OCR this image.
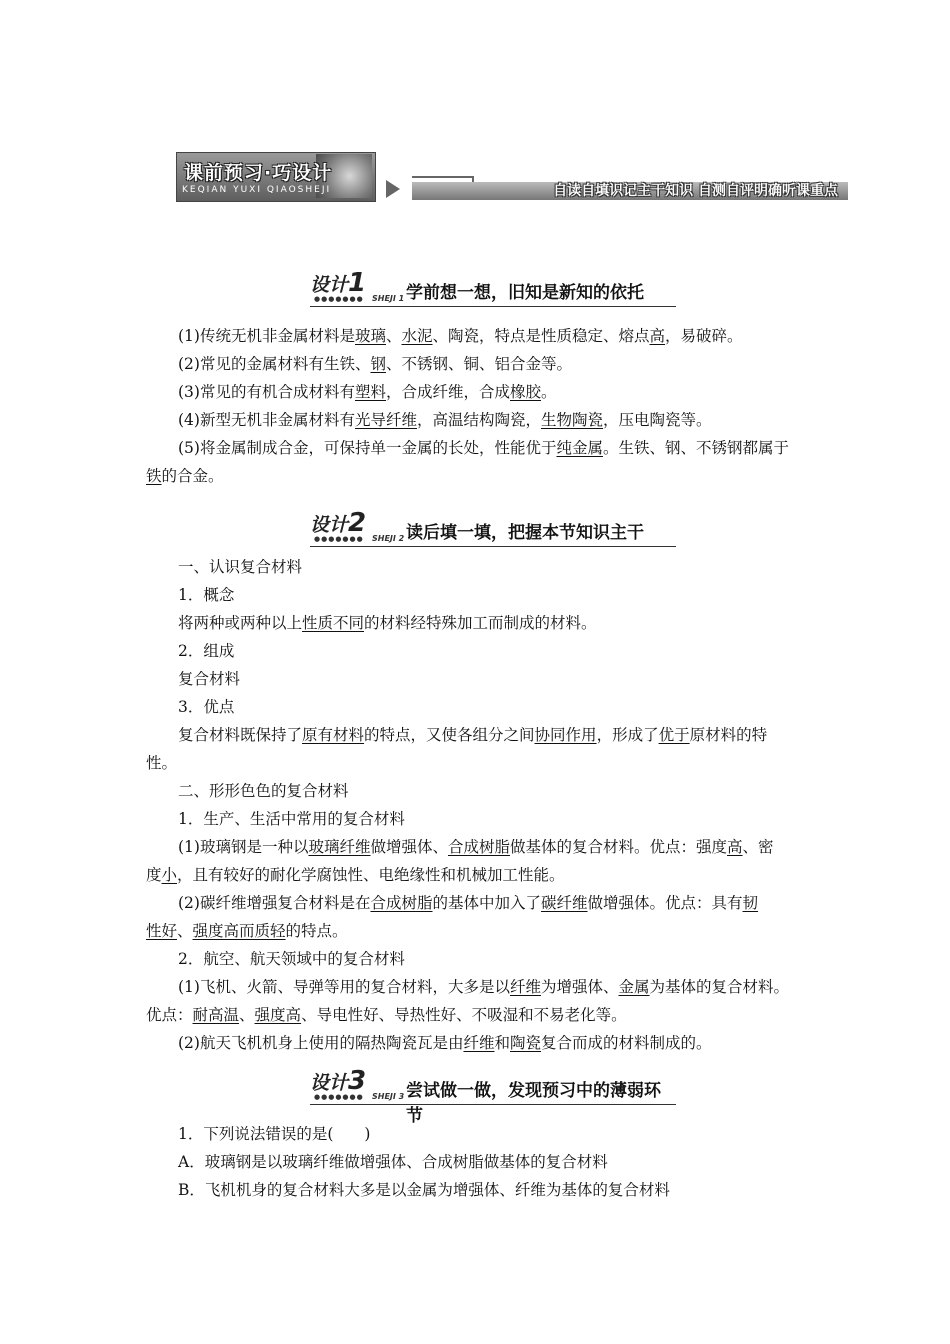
课前预习·巧设计
KEQIAN YUXI QIAOSHEJI	自读自填识记主干知识 自测自评明确听课重点
设计1
●●●●●●● SHEJI 1 学前想一想，旧知是新知的依托
(1)传统无机非金属材料是玻璃、水泥、陶瓷，特点是性质稳定、熔点高，易破碎。
(2)常见的金属材料有生铁、钢、不锈钢、铜、铝合金等。
(3)常见的有机合成材料有塑料，合成纤维，合成橡胶。
(4)新型无机非金属材料有光导纤维，高温结构陶瓷，生物陶瓷，压电陶瓷等。
(5)将金属制成合金，可保持单一金属的长处，性能优于纯金属。生铁、钢、不锈钢都属于
铁的合金。
设计2
●●●●●●● SHEJI 2 读后填一填，把握本节知识主干
一、认识复合材料
1．概念
将两种或两种以上性质不同的材料经特殊加工而制成的材料。
2．组成
复合材料
3．优点
复合材料既保持了原有材料的特点，又使各组分之间协同作用，形成了优于原材料的特
性。
二、形形色色的复合材料
1．生产、生活中常用的复合材料
(1)玻璃钢是一种以玻璃纤维做增强体、合成树脂做基体的复合材料。优点：强度高、密
度小，且有较好的耐化学腐蚀性、电绝缘性和机械加工性能。
(2)碳纤维增强复合材料是在合成树脂的基体中加入了碳纤维做增强体。优点：具有韧
性好、强度高而质轻的特点。
2．航空、航天领域中的复合材料
(1)飞机、火箭、导弹等用的复合材料，大多是以纤维为增强体、金属为基体的复合材料。
优点：耐高温、强度高、导电性好、导热性好、不吸湿和不易老化等。
(2)航天飞机机身上使用的隔热陶瓷瓦是由纤维和陶瓷复合而成的材料制成的。
设计3
●●●●●●● SHEJI 3 尝试做一做，发现预习中的薄弱环节
1．下列说法错误的是(　　)
A．玻璃钢是以玻璃纤维做增强体、合成树脂做基体的复合材料
B．飞机机身的复合材料大多是以金属为增强体、纤维为基体的复合材料
